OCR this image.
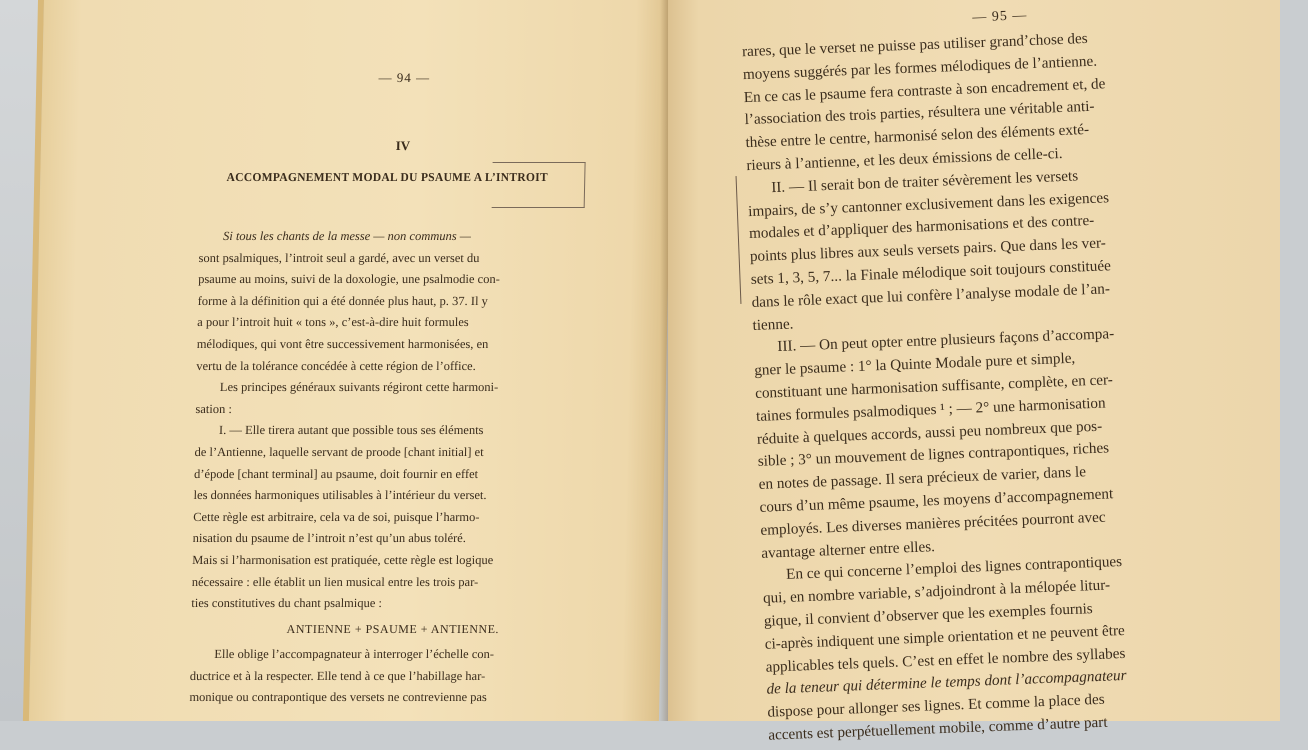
— 94 —
IV
ACCOMPAGNEMENT MODAL DU PSAUME A L’INTROIT

Si tous les chants de la messe — non communs —

sont psalmiques, l’introit seul a gardé, avec un verset du

psaume au moins, suivi de la doxologie, une psalmodie con-

forme à la définition qui a été donnée plus haut, p. 37. Il y

a pour l’introit huit « tons », c’est-à-dire huit formules

mélodiques, qui vont être successivement harmonisées, en

vertu de la tolérance concédée à cette région de l’office.

Les principes généraux suivants régiront cette harmoni-

sation :

I. — Elle tirera autant que possible tous ses éléments

de l’Antienne, laquelle servant de proode [chant initial] et

d’épode [chant terminal] au psaume, doit fournir en effet

les données harmoniques utilisables à l’intérieur du verset.

Cette règle est arbitraire, cela va de soi, puisque l’harmo-

nisation du psaume de l’introit n’est qu’un abus toléré.

Mais si l’harmonisation est pratiquée, cette règle est logique

nécessaire : elle établit un lien musical entre les trois par-

ties constitutives du chant psalmique :

ANTIENNE + PSAUME + ANTIENNE.

Elle oblige l’accompagnateur à interroger l’échelle con-

ductrice et à la respecter. Elle tend à ce que l’habillage har-

monique ou contrapontique des versets ne contrevienne pas

— 95 —

rares, que le verset ne puisse pas utiliser grand’chose des

moyens suggérés par les formes mélodiques de l’antienne.

En ce cas le psaume fera contraste à son encadrement et, de

l’association des trois parties, résultera une véritable anti-

thèse entre le centre, harmonisé selon des éléments exté-

rieurs à l’antienne, et les deux émissions de celle-ci.

II. — Il serait bon de traiter sévèrement les versets

impairs, de s’y cantonner exclusivement dans les exigences

modales et d’appliquer des harmonisations et des contre-

points plus libres aux seuls versets pairs. Que dans les ver-

sets 1, 3, 5, 7... la Finale mélodique soit toujours constituée

dans le rôle exact que lui confère l’analyse modale de l’an-

tienne.

III. — On peut opter entre plusieurs façons d’accompa-

gner le psaume : 1° la Quinte Modale pure et simple,

constituant une harmonisation suffisante, complète, en cer-

taines formules psalmodiques ¹ ; — 2° une harmonisation

réduite à quelques accords, aussi peu nombreux que pos-

sible ; 3° un mouvement de lignes contrapontiques, riches

en notes de passage. Il sera précieux de varier, dans le

cours d’un même psaume, les moyens d’accompagnement

employés. Les diverses manières précitées pourront avec

avantage alterner entre elles.

En ce qui concerne l’emploi des lignes contrapontiques

qui, en nombre variable, s’adjoindront à la mélopée litur-

gique, il convient d’observer que les exemples fournis

ci-après indiquent une simple orientation et ne peuvent être

applicables tels quels. C’est en effet le nombre des syllabes

de la teneur qui détermine le temps dont l’accompagnateur

dispose pour allonger ses lignes. Et comme la place des

accents est perpétuellement mobile, comme d’autre part
